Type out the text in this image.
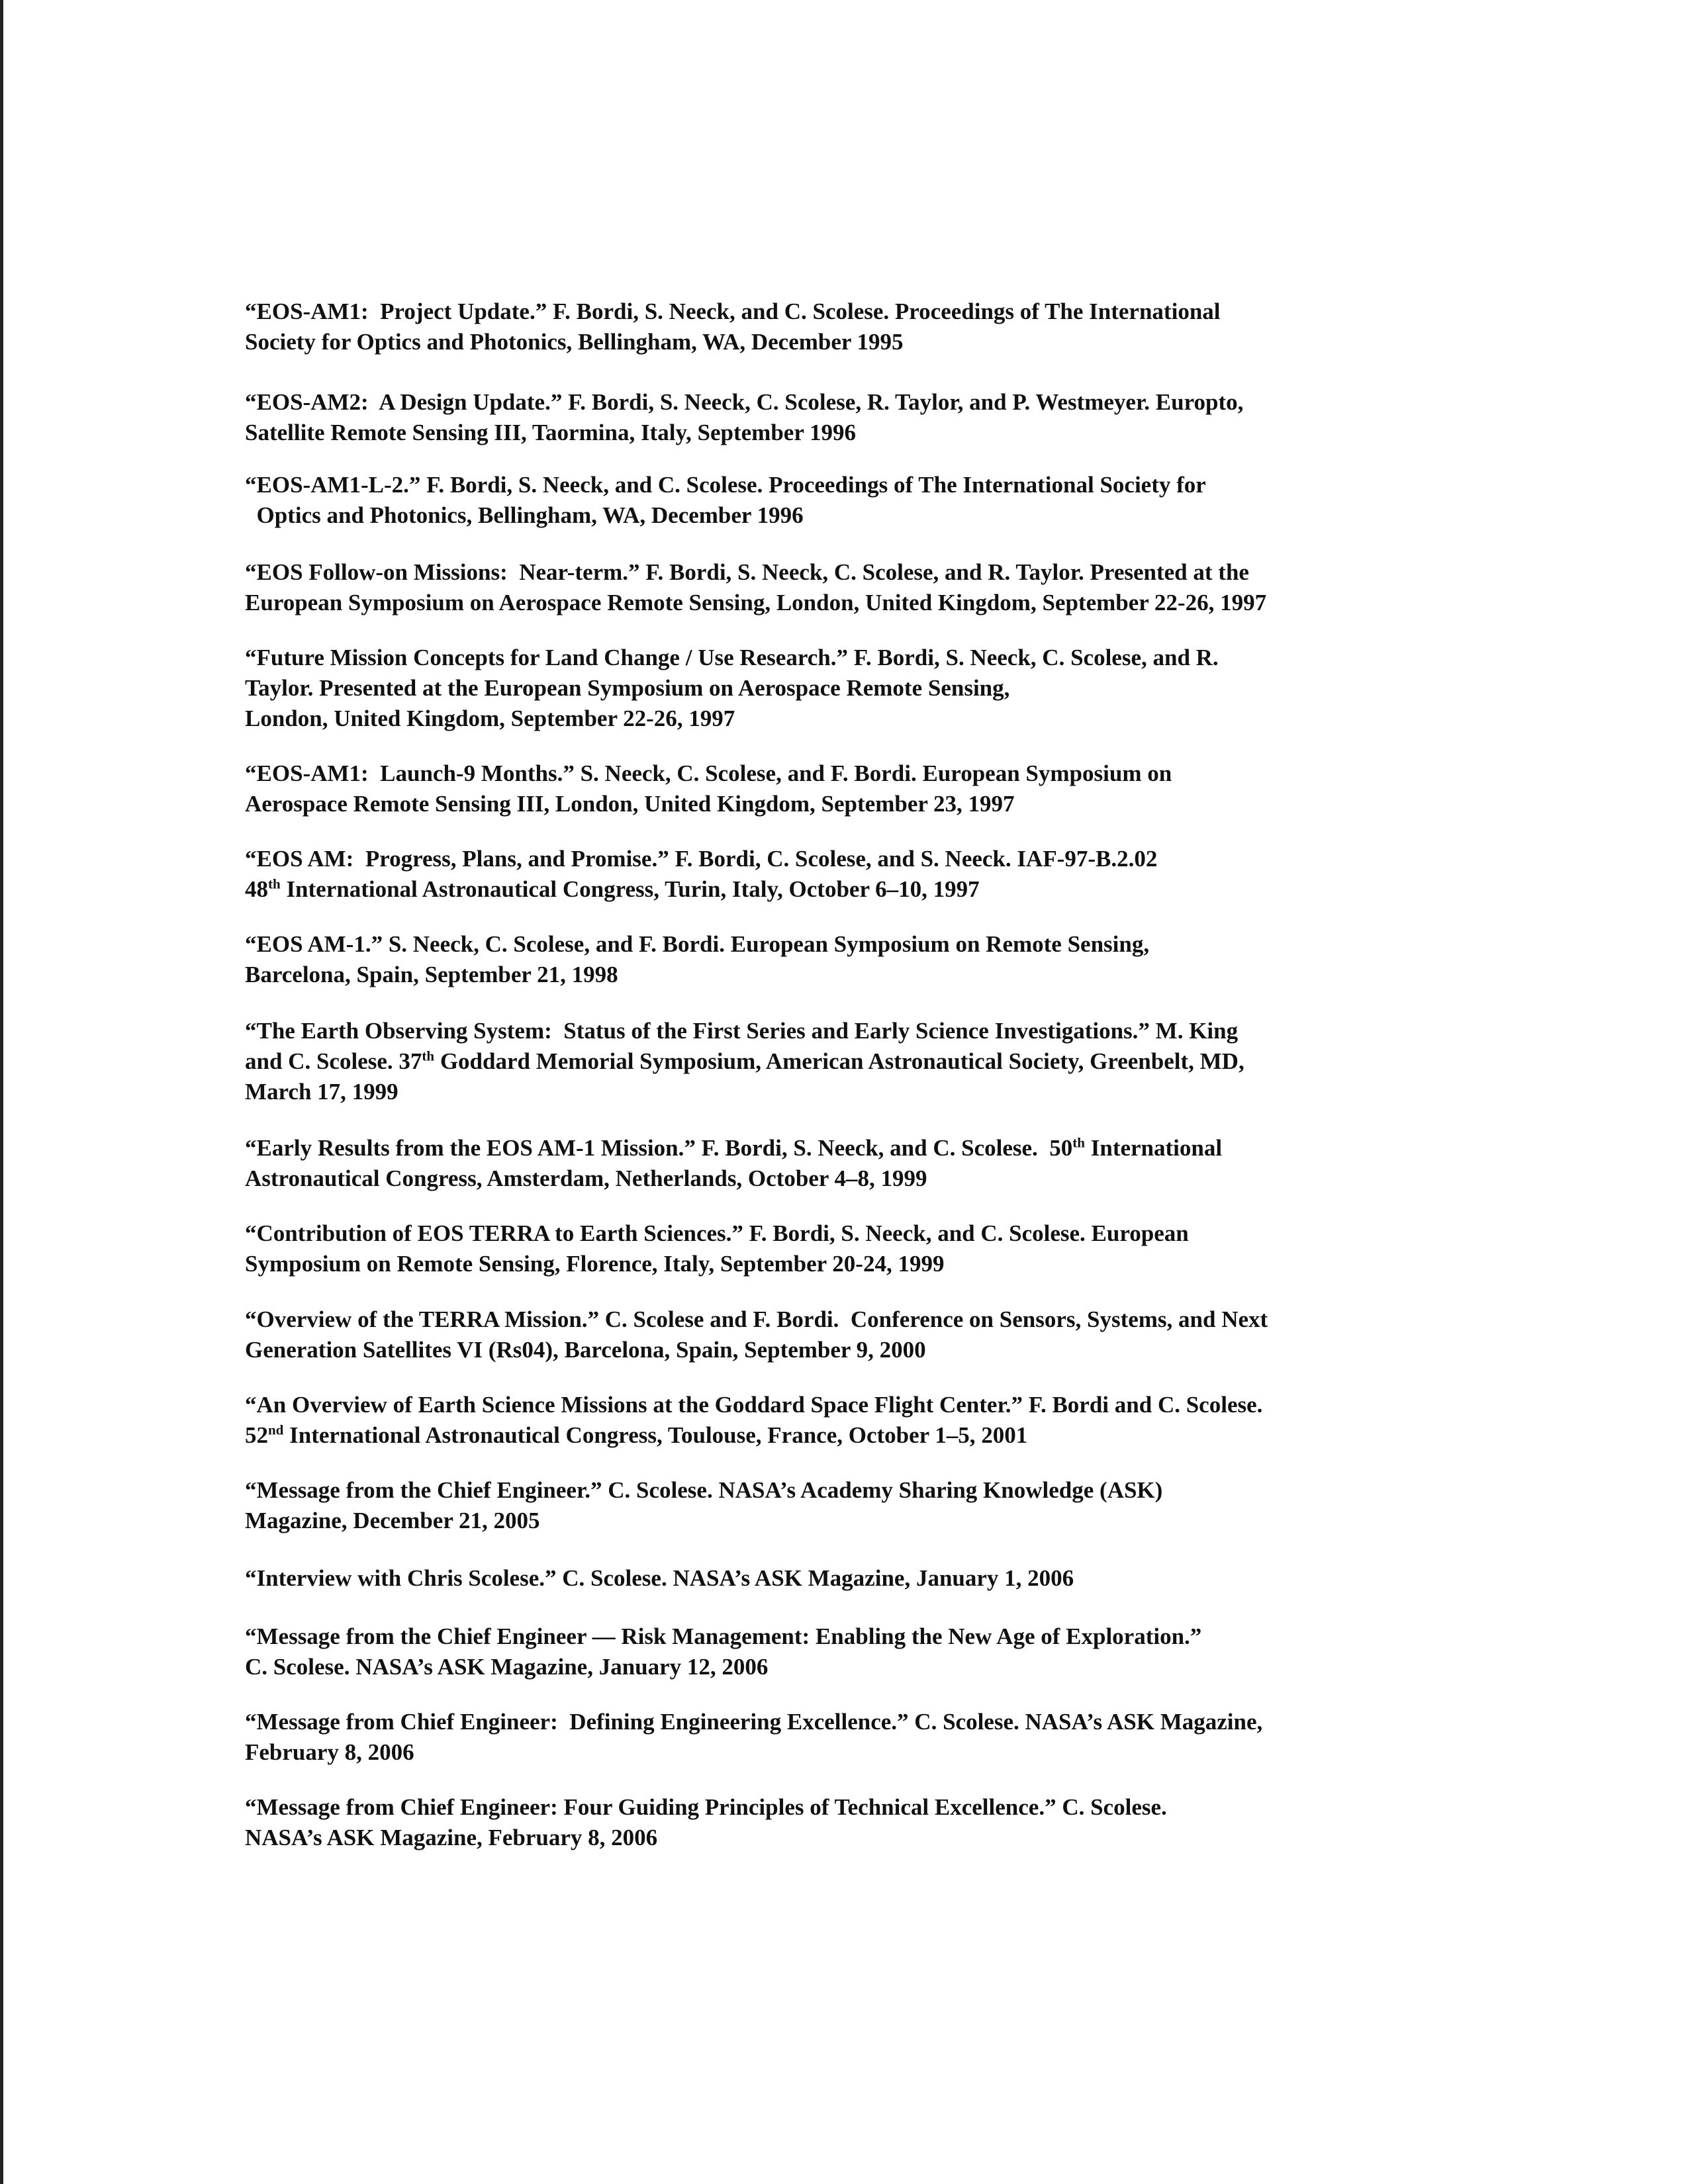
“EOS-AM1:  Project Update.” F. Bordi, S. Neeck, and C. Scolese. Proceedings of The International
Society for Optics and Photonics, Bellingham, WA, December 1995
“EOS-AM2:  A Design Update.” F. Bordi, S. Neeck, C. Scolese, R. Taylor, and P. Westmeyer. Europto,
Satellite Remote Sensing III, Taormina, Italy, September 1996
“EOS-AM1-L-2.” F. Bordi, S. Neeck, and C. Scolese. Proceedings of The International Society for
Optics and Photonics, Bellingham, WA, December 1996
“EOS Follow-on Missions:  Near-term.” F. Bordi, S. Neeck, C. Scolese, and R. Taylor. Presented at the
European Symposium on Aerospace Remote Sensing, London, United Kingdom, September 22-26, 1997
“Future Mission Concepts for Land Change / Use Research.” F. Bordi, S. Neeck, C. Scolese, and R.
Taylor. Presented at the European Symposium on Aerospace Remote Sensing,
London, United Kingdom, September 22-26, 1997
“EOS-AM1:  Launch-9 Months.” S. Neeck, C. Scolese, and F. Bordi. European Symposium on
Aerospace Remote Sensing III, London, United Kingdom, September 23, 1997
“EOS AM:  Progress, Plans, and Promise.” F. Bordi, C. Scolese, and S. Neeck. IAF-97-B.2.02
48th International Astronautical Congress, Turin, Italy, October 6–10, 1997
“EOS AM-1.” S. Neeck, C. Scolese, and F. Bordi. European Symposium on Remote Sensing,
Barcelona, Spain, September 21, 1998
“The Earth Observing System:  Status of the First Series and Early Science Investigations.” M. King
and C. Scolese. 37th Goddard Memorial Symposium, American Astronautical Society, Greenbelt, MD,
March 17, 1999
“Early Results from the EOS AM-1 Mission.” F. Bordi, S. Neeck, and C. Scolese.  50th International
Astronautical Congress, Amsterdam, Netherlands, October 4–8, 1999
“Contribution of EOS TERRA to Earth Sciences.” F. Bordi, S. Neeck, and C. Scolese. European
Symposium on Remote Sensing, Florence, Italy, September 20-24, 1999
“Overview of the TERRA Mission.” C. Scolese and F. Bordi.  Conference on Sensors, Systems, and Next
Generation Satellites VI (Rs04), Barcelona, Spain, September 9, 2000
“An Overview of Earth Science Missions at the Goddard Space Flight Center.” F. Bordi and C. Scolese.
52nd International Astronautical Congress, Toulouse, France, October 1–5, 2001
“Message from the Chief Engineer.” C. Scolese. NASA’s Academy Sharing Knowledge (ASK)
Magazine, December 21, 2005
“Interview with Chris Scolese.” C. Scolese. NASA’s ASK Magazine, January 1, 2006
“Message from the Chief Engineer — Risk Management: Enabling the New Age of Exploration.”
C. Scolese. NASA’s ASK Magazine, January 12, 2006
“Message from Chief Engineer:  Defining Engineering Excellence.” C. Scolese. NASA’s ASK Magazine,
February 8, 2006
“Message from Chief Engineer: Four Guiding Principles of Technical Excellence.” C. Scolese.
NASA’s ASK Magazine, February 8, 2006
